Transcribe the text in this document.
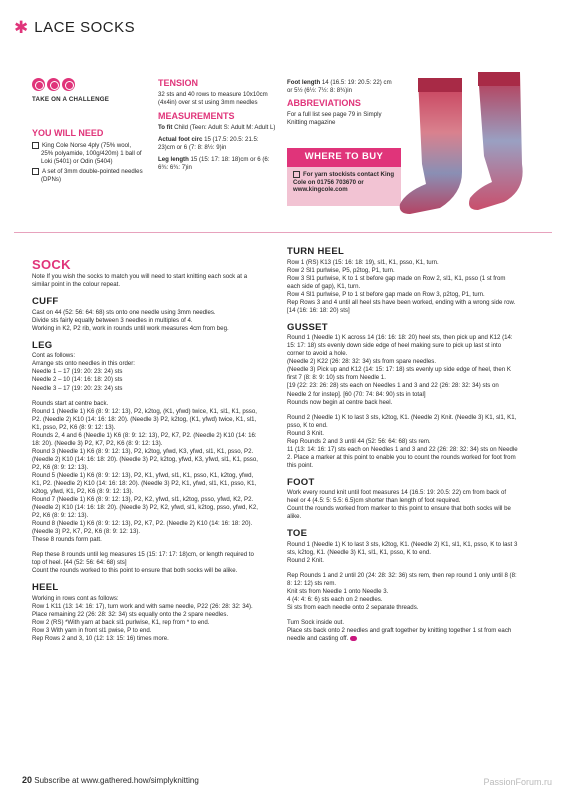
✱ LACE SOCKS
TAKE ON A CHALLENGE
YOU WILL NEED

King Cole Norse 4ply (75% wool, 25% polyamide, 100g/420m) 1 ball of Loki (5401) or Odin (5404)

A set of 3mm double-pointed needles (DPNs)

TENSION

32 sts and 40 rows to measure 10x10cm (4x4in) over st st using 3mm needles

MEASUREMENTS

To fit Child (Teen: Adult S: Adult M: Adult L)

Actual foot circ 15 (17.5: 20.5: 21.5: 23)cm or 6 (7: 8: 8½: 9)in

Leg length 15 (15: 17: 18: 18)cm or 6 (6: 6¾: 6¾: 7)in

Foot length 14 (16.5: 19: 20.5: 22) cm or 5½ (6½: 7½: 8: 8¾)in

ABBREVIATIONS

For a full list see page 79 in Simply Knitting magazine

WHERE TO BUY
For yarn stockists contact King Cole on 01756 703670 or www.kingcole.com
SOCK

Note If you wish the socks to match you will need to start knitting each sock at a similar point in the colour repeat.

CUFF

Cast on 44 (52: 56: 64: 68) sts onto one needle using 3mm needles.

Divide sts fairly equally between 3 needles in multiples of 4.

Working in K2, P2 rib, work in rounds until work measures 4cm from beg.

LEG

Cont as follows:

Arrange sts onto needles in this order:

Needle 1 – 17 (19: 20: 23: 24) sts

Needle 2 – 10 (14: 16: 18: 20) sts

Needle 3 – 17 (19: 20: 23: 24) sts

Rounds start at centre back.

Round 1 (Needle 1) K6 (8: 9: 12: 13), P2, k2tog, (K1, yfwd) twice, K1, sl1, K1, psso, P2. (Needle 2) K10 (14: 16: 18: 20). (Needle 3) P2, k2tog, (K1, yfwd) twice, K1, sl1, K1, psso, P2, K6 (8: 9: 12: 13).

Rounds 2, 4 and 6 (Needle 1) K6 (8: 9: 12: 13), P2, K7, P2. (Needle 2) K10 (14: 16: 18: 20). (Needle 3) P2, K7, P2, K6 (8: 9: 12: 13).

Round 3 (Needle 1) K6 (8: 9: 12: 13), P2, k2tog, yfwd, K3, yfwd, sl1, K1, psso, P2. (Needle 2) K10 (14: 16: 18: 20). (Needle 3) P2, k2tog, yfwd, K3, yfwd, sl1, K1, psso, P2, K6 (8: 9: 12: 13).

Round 5 (Needle 1) K6 (8: 9: 12: 13), P2, K1, yfwd, sl1, K1, psso, K1, k2tog, yfwd, K1, P2. (Needle 2) K10 (14: 16: 18: 20). (Needle 3) P2, K1, yfwd, sl1, K1, psso, K1, k2tog, yfwd, K1, P2, K6 (8: 9: 12: 13).

Round 7 (Needle 1) K6 (8: 9: 12: 13), P2, K2, yfwd, sl1, k2tog, psso, yfwd, K2, P2. (Needle 2) K10 (14: 16: 18: 20). (Needle 3) P2, K2, yfwd, sl1, k2tog, psso, yfwd, K2, P2, K6 (8: 9: 12: 13).

Round 8 (Needle 1) K6 (8: 9: 12: 13), P2, K7, P2. (Needle 2) K10 (14: 16: 18: 20). (Needle 3) P2, K7, P2, K6 (8: 9: 12: 13).

These 8 rounds form patt.

Rep these 8 rounds until leg measures 15 (15: 17: 17: 18)cm, or length required to top of heel. [44 (52: 56: 64: 68) sts]

Count the rounds worked to this point to ensure that both socks will be alike.

HEEL

Working in rows cont as follows:

Row 1 K11 (13: 14: 16: 17), turn work and with same needle, P22 (26: 28: 32: 34).

Place remaining 22 (26: 28: 32: 34) sts equally onto the 2 spare needles.

Row 2 (RS) *With yarn at back sl1 purlwise, K1, rep from * to end.

Row 3 With yarn in front sl1 pwise, P to end.

Rep Rows 2 and 3, 10 (12: 13: 15: 16) times more.

TURN HEEL

Row 1 (RS) K13 (15: 16: 18: 19), sl1, K1, psso, K1, turn.

Row 2 Sl1 purlwise, P5, p2tog, P1, turn.

Row 3 Sl1 purlwise, K to 1 st before gap made on Row 2, sl1, K1, psso (1 st from each side of gap), K1, turn.

Row 4 Sl1 purlwise, P to 1 st before gap made on Row 3, p2tog, P1, turn.

Rep Rows 3 and 4 until all heel sts have been worked, ending with a wrong side row. [14 (16: 16: 18: 20) sts]

GUSSET

Round 1 (Needle 1) K across 14 (16: 16: 18: 20) heel sts, then pick up and K12 (14: 15: 17: 18) sts evenly down side edge of heel making sure to pick up last st into corner to avoid a hole.

(Needle 2) K22 (26: 28: 32: 34) sts from spare needles.

(Needle 3) Pick up and K12 (14: 15: 17: 18) sts evenly up side edge of heel, then K first 7 (8: 8: 9: 10) sts from Needle 1.

[19 (22: 23: 26: 28) sts each on Needles 1 and 3 and 22 (26: 28: 32: 34) sts on Needle 2 for instep]. [60 (70: 74: 84: 90) sts in total]

Rounds now begin at centre back heel.

Round 2 (Needle 1) K to last 3 sts, k2tog, K1. (Needle 2) Knit. (Needle 3) K1, sl1, K1, psso, K to end.

Round 3 Knit.

Rep Rounds 2 and 3 until 44 (52: 56: 64: 68) sts rem.

11 (13: 14: 16: 17) sts each on Needles 1 and 3 and 22 (26: 28: 32: 34) sts on Needle 2. Place a marker at this point to enable you to count the rounds worked for foot from this point.

FOOT

Work every round knit until foot measures 14 (16.5: 19: 20.5: 22) cm from back of heel or 4 (4.5: 5: 5.5: 6.5)cm shorter than length of foot required.

Count the rounds worked from marker to this point to ensure that both socks will be alike.

TOE

Round 1 (Needle 1) K to last 3 sts, k2tog, K1. (Needle 2) K1, sl1, K1, psso, K to last 3 sts, k2tog, K1. (Needle 3) K1, sl1, K1, psso, K to end.

Round 2 Knit.

Rep Rounds 1 and 2 until 20 (24: 28: 32: 36) sts rem, then rep round 1 only until 8 (8: 8: 12: 12) sts rem.

Knit sts from Needle 1 onto Needle 3.

4 (4: 4: 6: 6) sts each on 2 needles.

Si sts from each needle onto 2 separate threads.

Turn Sock inside out.

Place sts back onto 2 needles and graft together by knitting together 1 st from each needle and casting off.

20 Subscribe at www.gathered.how/simplyknitting	PassionForum.ru
